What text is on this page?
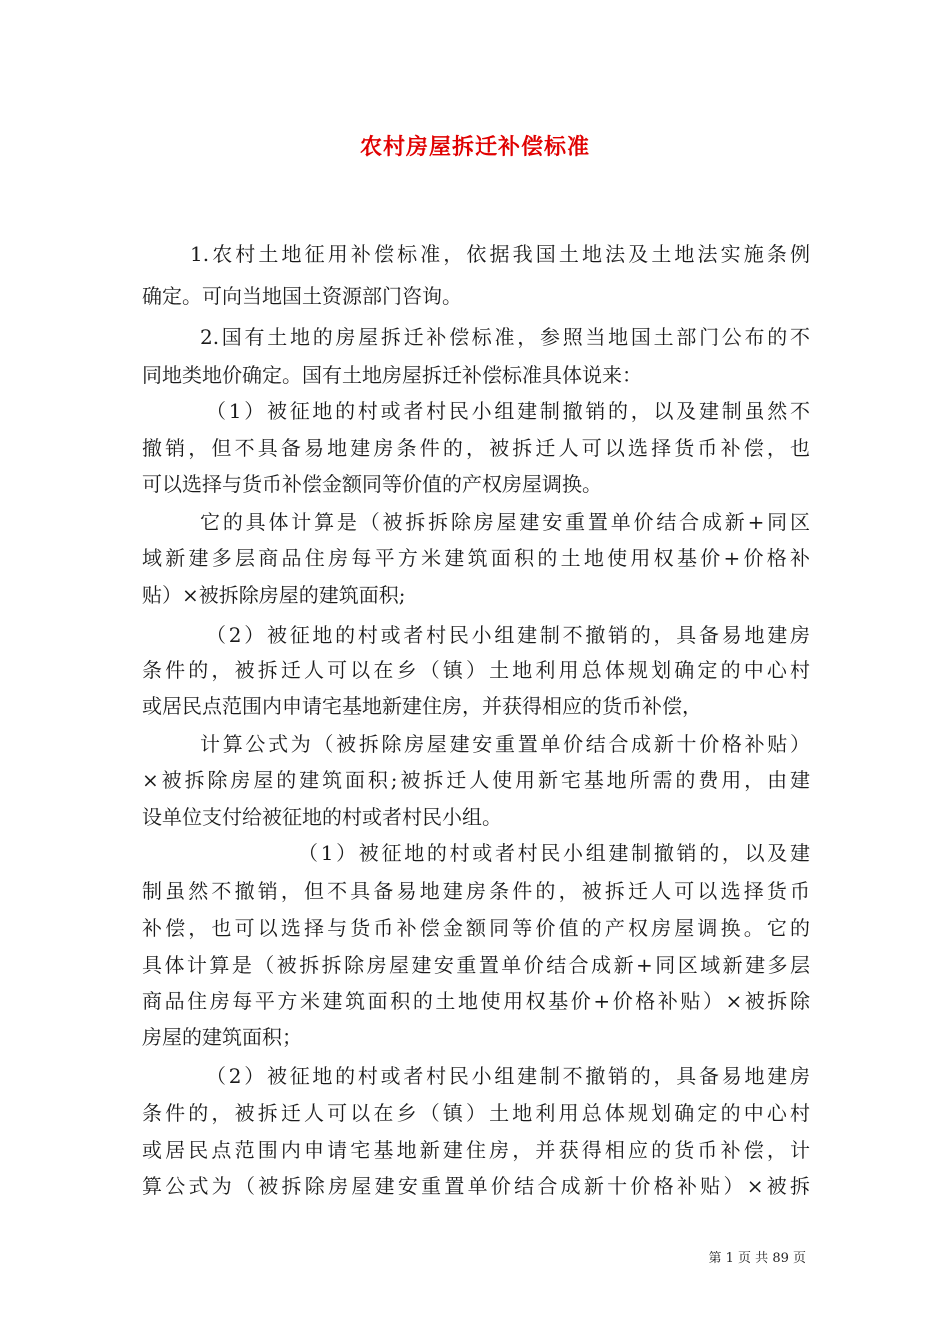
农村房屋拆迁补偿标准
1.农村土地征用补偿标准，依据我国土地法及土地法实施条例
确定。可向当地国土资源部门咨询。
2.国有土地的房屋拆迁补偿标准，参照当地国土部门公布的不
同地类地价确定。国有土地房屋拆迁补偿标准具体说来：
（1）被征地的村或者村民小组建制撤销的，以及建制虽然不
撤销，但不具备易地建房条件的，被拆迁人可以选择货币补偿，也
可以选择与货币补偿金额同等价值的产权房屋调换。
它的具体计算是（被拆拆除房屋建安重置单价结合成新+同区
域新建多层商品住房每平方米建筑面积的土地使用权基价+价格补
贴）×被拆除房屋的建筑面积;
（2）被征地的村或者村民小组建制不撤销的，具备易地建房
条件的，被拆迁人可以在乡（镇）土地利用总体规划确定的中心村
或居民点范围内申请宅基地新建住房，并获得相应的货币补偿，
计算公式为（被拆除房屋建安重置单价结合成新十价格补贴）
×被拆除房屋的建筑面积;被拆迁人使用新宅基地所需的费用，由建
设单位支付给被征地的村或者村民小组。
（1）被征地的村或者村民小组建制撤销的，以及建
制虽然不撤销，但不具备易地建房条件的，被拆迁人可以选择货币
补偿，也可以选择与货币补偿金额同等价值的产权房屋调换。它的
具体计算是（被拆拆除房屋建安重置单价结合成新+同区域新建多层
商品住房每平方米建筑面积的土地使用权基价+价格补贴）×被拆除
房屋的建筑面积；
（2）被征地的村或者村民小组建制不撤销的，具备易地建房
条件的，被拆迁人可以在乡（镇）土地利用总体规划确定的中心村
或居民点范围内申请宅基地新建住房，并获得相应的货币补偿，计
算公式为（被拆除房屋建安重置单价结合成新十价格补贴）×被拆
第 1 页 共 89 页
